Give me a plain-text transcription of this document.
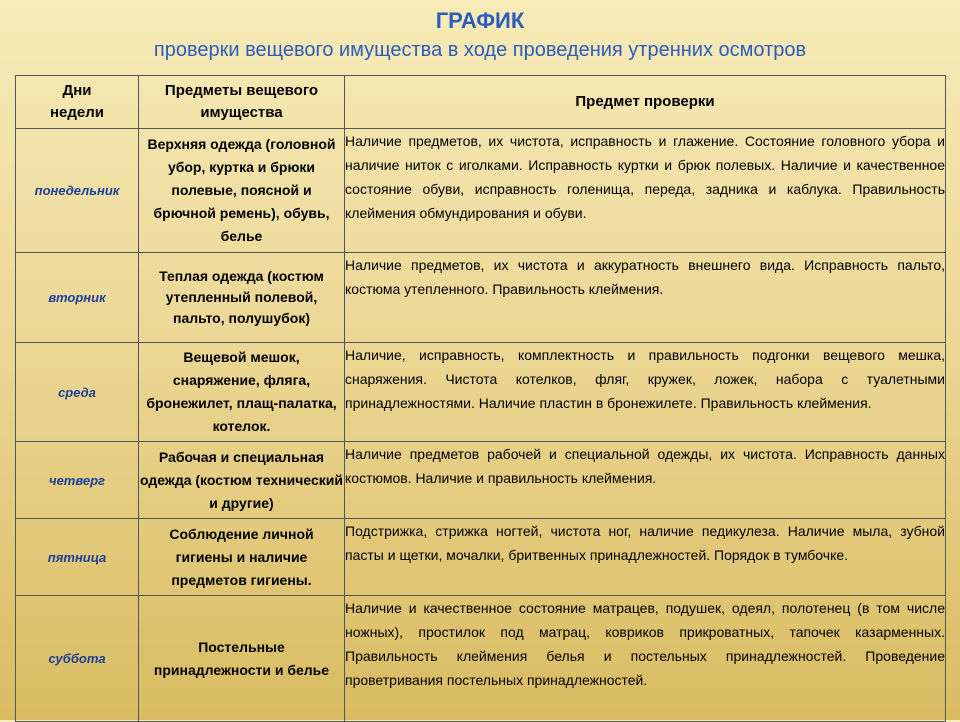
ГРАФИК
проверки вещевого имущества в ходе проведения утренних осмотров
Дни недели	Предметы вещевого имущества	Предмет проверки
понедельник	Верхняя одежда (головной убор, куртка и брюки полевые, поясной и брючной ремень), обувь, белье	Наличие предметов, их чистота, исправность и глажение. Состояние головного убора и наличие ниток с иголками. Исправность куртки и брюк полевых. Наличие и качественное состояние обуви, исправность голенища, переда, задника и каблука. Правильность клеймения обмундирования и обуви.
вторник	Теплая одежда (костюм утепленный полевой, пальто, полушубок)	Наличие предметов, их чистота и аккуратность внешнего вида. Исправность пальто, костюма утепленного. Правильность клеймения.
среда	Вещевой мешок, снаряжение, фляга, бронежилет, плащ-палатка, котелок.	Наличие, исправность, комплектность и правильность подгонки вещевого мешка, снаряжения. Чистота котелков, фляг, кружек, ложек, набора с туалетными принадлежностями. Наличие пластин в бронежилете. Правильность клеймения.
четверг	Рабочая и специальная одежда (костюм технический и другие)	Наличие предметов рабочей и специальной одежды, их чистота. Исправность данных костюмов. Наличие и правильность клеймения.
пятница	Соблюдение личной гигиены и наличие предметов гигиены.	Подстрижка, стрижка ногтей, чистота ног, наличие педикулеза. Наличие мыла, зубной пасты и щетки, мочалки, бритвенных принадлежностей. Порядок в тумбочке.
суббота	Постельные принадлежности и белье	Наличие и качественное состояние матрацев, подушек, одеял, полотенец (в том числе ножных), простилок под матрац, ковриков прикроватных, тапочек казарменных. Правильность клеймения белья и постельных принадлежностей. Проведение проветривания постельных принадлежностей.
